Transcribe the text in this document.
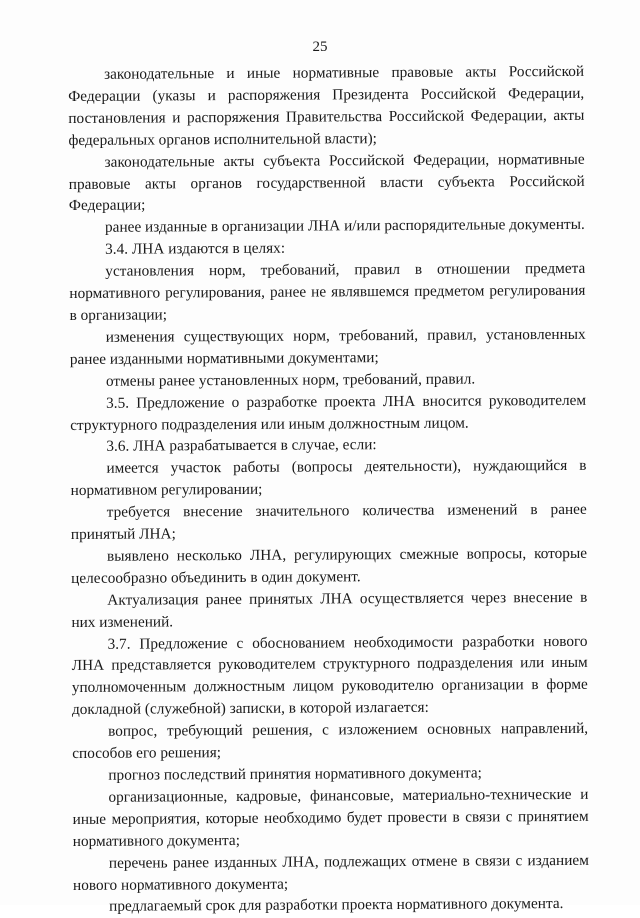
25

законодательные и иные нормативные правовые акты Российской Федерации (указы и распоряжения Президента Российской Федерации, постановления и распоряжения Правительства Российской Федерации, акты федеральных органов исполнительной власти);

законодательные акты субъекта Российской Федерации, нормативные правовые акты органов государственной власти субъекта Российской Федерации;

ранее изданные в организации ЛНА и/или распорядительные документы.

3.4. ЛНА издаются в целях:

установления норм, требований, правил в отношении предмета нормативного регулирования, ранее не являвшемся предметом регулирования в организации;

изменения существующих норм, требований, правил, установленных ранее изданными нормативными документами;

отмены ранее установленных норм, требований, правил.

3.5. Предложение о разработке проекта ЛНА вносится руководителем структурного подразделения или иным должностным лицом.

3.6. ЛНА разрабатывается в случае, если:

имеется участок работы (вопросы деятельности), нуждающийся в нормативном регулировании;

требуется внесение значительного количества изменений в ранее принятый ЛНА;

выявлено несколько ЛНА, регулирующих смежные вопросы, которые целесообразно объединить в один документ.

Актуализация ранее принятых ЛНА осуществляется через внесение в них изменений.

3.7. Предложение с обоснованием необходимости разработки нового ЛНА представляется руководителем структурного подразделения или иным уполномоченным должностным лицом руководителю организации в форме докладной (служебной) записки, в которой излагается:

вопрос, требующий решения, с изложением основных направлений, способов его решения;

прогноз последствий принятия нормативного документа;

организационные, кадровые, финансовые, материально-технические и иные мероприятия, которые необходимо будет провести в связи с принятием нормативного документа;

перечень ранее изданных ЛНА, подлежащих отмене в связи с изданием нового нормативного документа;

предлагаемый срок для разработки проекта нормативного документа.
